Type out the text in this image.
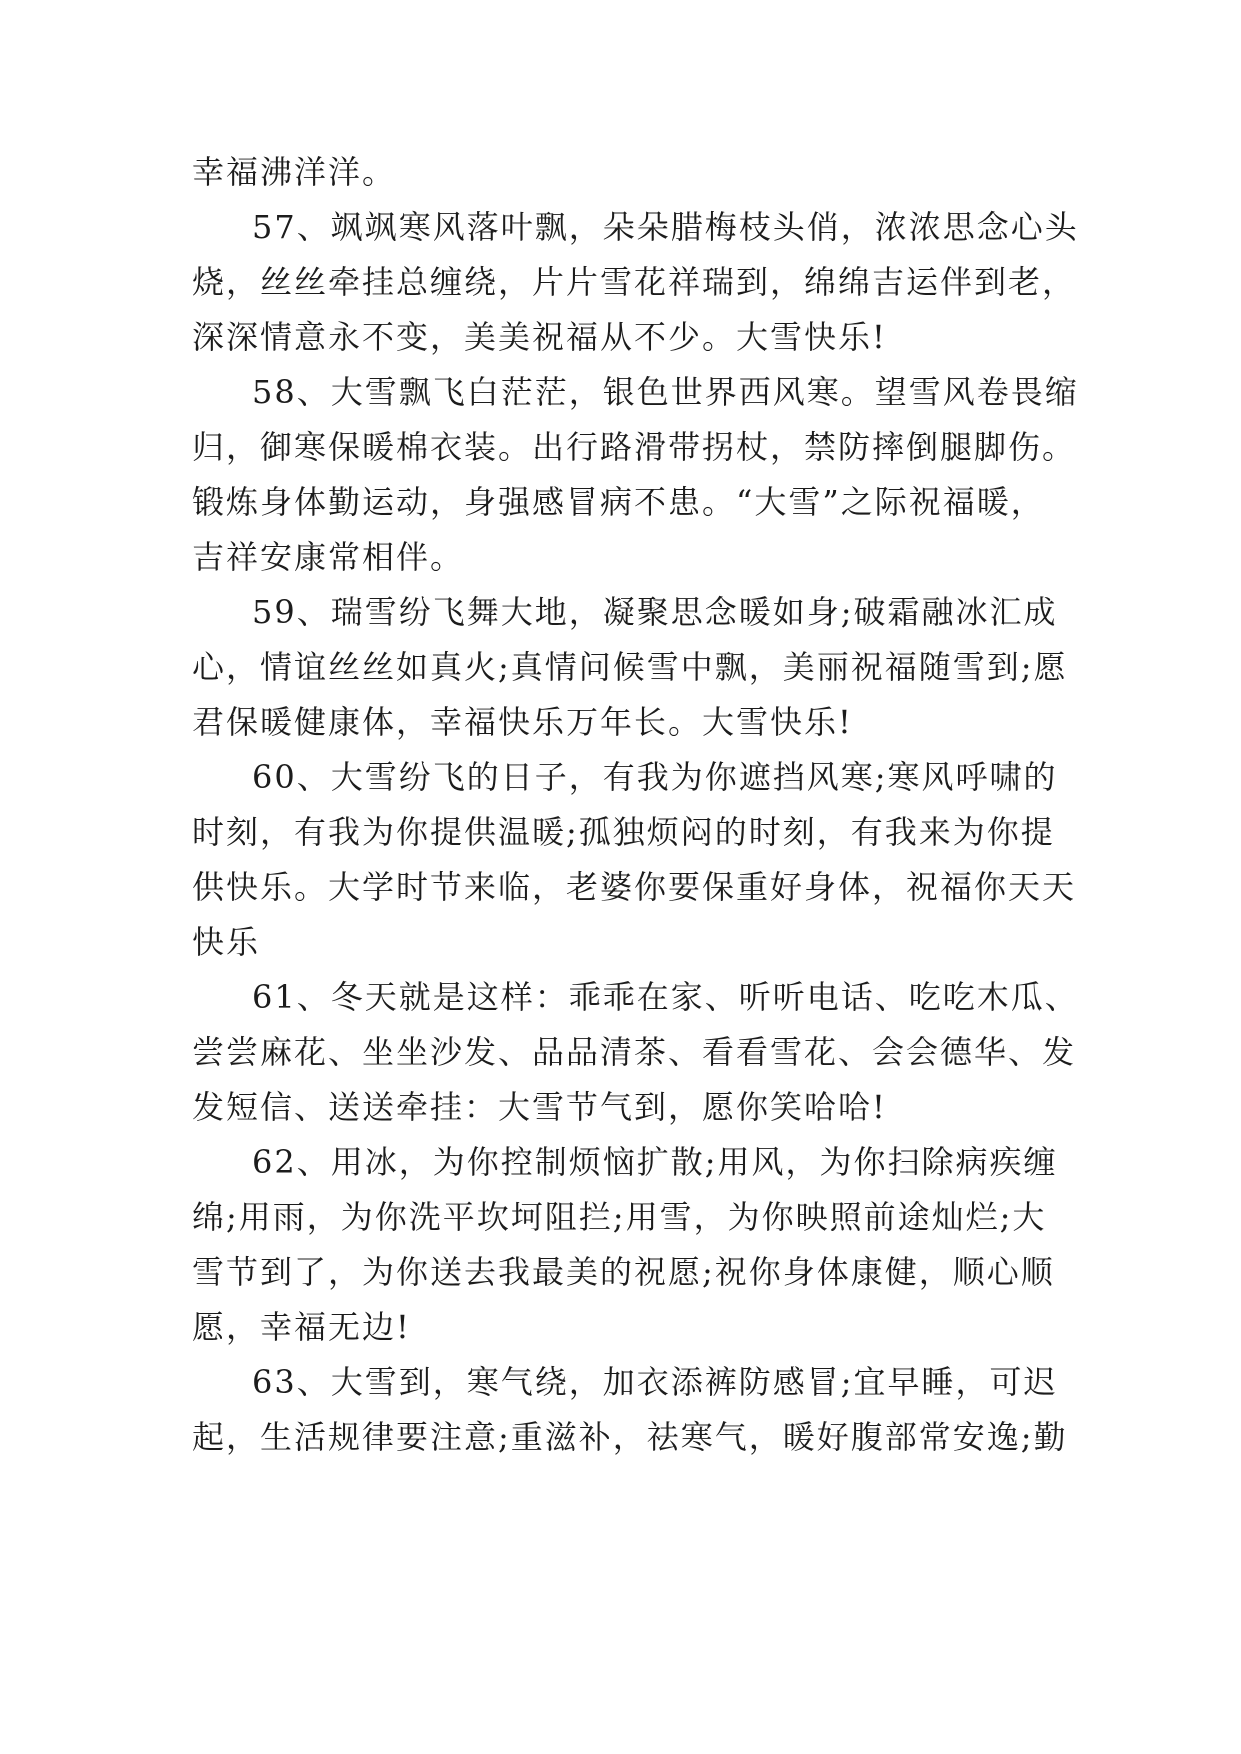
幸福沸洋洋。
57、飒飒寒风落叶飘，朵朵腊梅枝头俏，浓浓思念心头
烧，丝丝牵挂总缠绕，片片雪花祥瑞到，绵绵吉运伴到老，
深深情意永不变，美美祝福从不少。大雪快乐!
58、大雪飘飞白茫茫，银色世界西风寒。望雪风卷畏缩
归，御寒保暖棉衣装。出行路滑带拐杖，禁防摔倒腿脚伤。
锻炼身体勤运动，身强感冒病不患。“大雪”之际祝福暖，
吉祥安康常相伴。
59、瑞雪纷飞舞大地，凝聚思念暖如身;破霜融冰汇成
心，情谊丝丝如真火;真情问候雪中飘，美丽祝福随雪到;愿
君保暖健康体，幸福快乐万年长。大雪快乐!
60、大雪纷飞的日子，有我为你遮挡风寒;寒风呼啸的
时刻，有我为你提供温暖;孤独烦闷的时刻，有我来为你提
供快乐。大学时节来临，老婆你要保重好身体，祝福你天天
快乐
61、冬天就是这样：乖乖在家、听听电话、吃吃木瓜、
尝尝麻花、坐坐沙发、品品清茶、看看雪花、会会德华、发
发短信、送送牵挂：大雪节气到，愿你笑哈哈!
62、用冰，为你控制烦恼扩散;用风，为你扫除病疾缠
绵;用雨，为你洗平坎坷阻拦;用雪，为你映照前途灿烂;大
雪节到了，为你送去我最美的祝愿;祝你身体康健，顺心顺
愿，幸福无边!
63、大雪到，寒气绕，加衣添裤防感冒;宜早睡，可迟
起，生活规律要注意;重滋补，祛寒气，暖好腹部常安逸;勤
